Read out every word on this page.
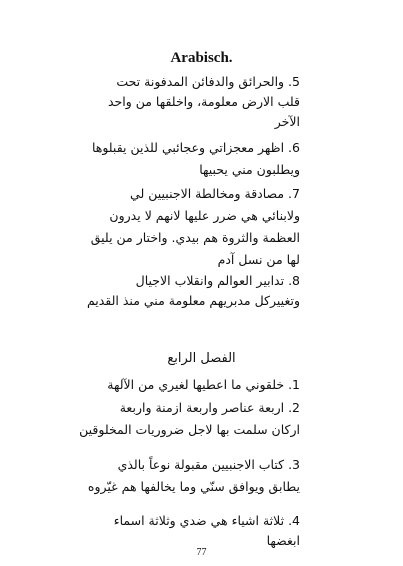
Arabisch.
5. والحرائق والدفائن المدفونة تحت
قلب الارض معلومة، واخلقها من واحد
الآخر
6. اظهر معجزاتي وعجائبي للذين يقبلوها
ويطلبون مني يحبيها
7. مصادقة ومخالطة الاجنبيين لي
ولابنائي هي ضرر عليها لانهم لا يدرون
العظمة والثروة هم بيدي. واختار من يليق
لها من نسل آدم
8. تدابير العوالم وانقلاب الاجيال
وتغييركل مدبريهم معلومة مني منذ القديم
الفصل الرابع
1. خلقوني ما اعطيها لغيري من الآلهة
2. اربعة عناصر واربعة ازمنة واربعة
اركان سلمت بها لاجل ضروريات المخلوقين
3. كتاب الاجنبيين مقبولة نوعاً بالذي
يطابق ويوافق سنّي وما يخالفها هم غيّروه
4. ثلاثة اشياء هي ضدي وثلاثة اسماء
ابغضها
77
